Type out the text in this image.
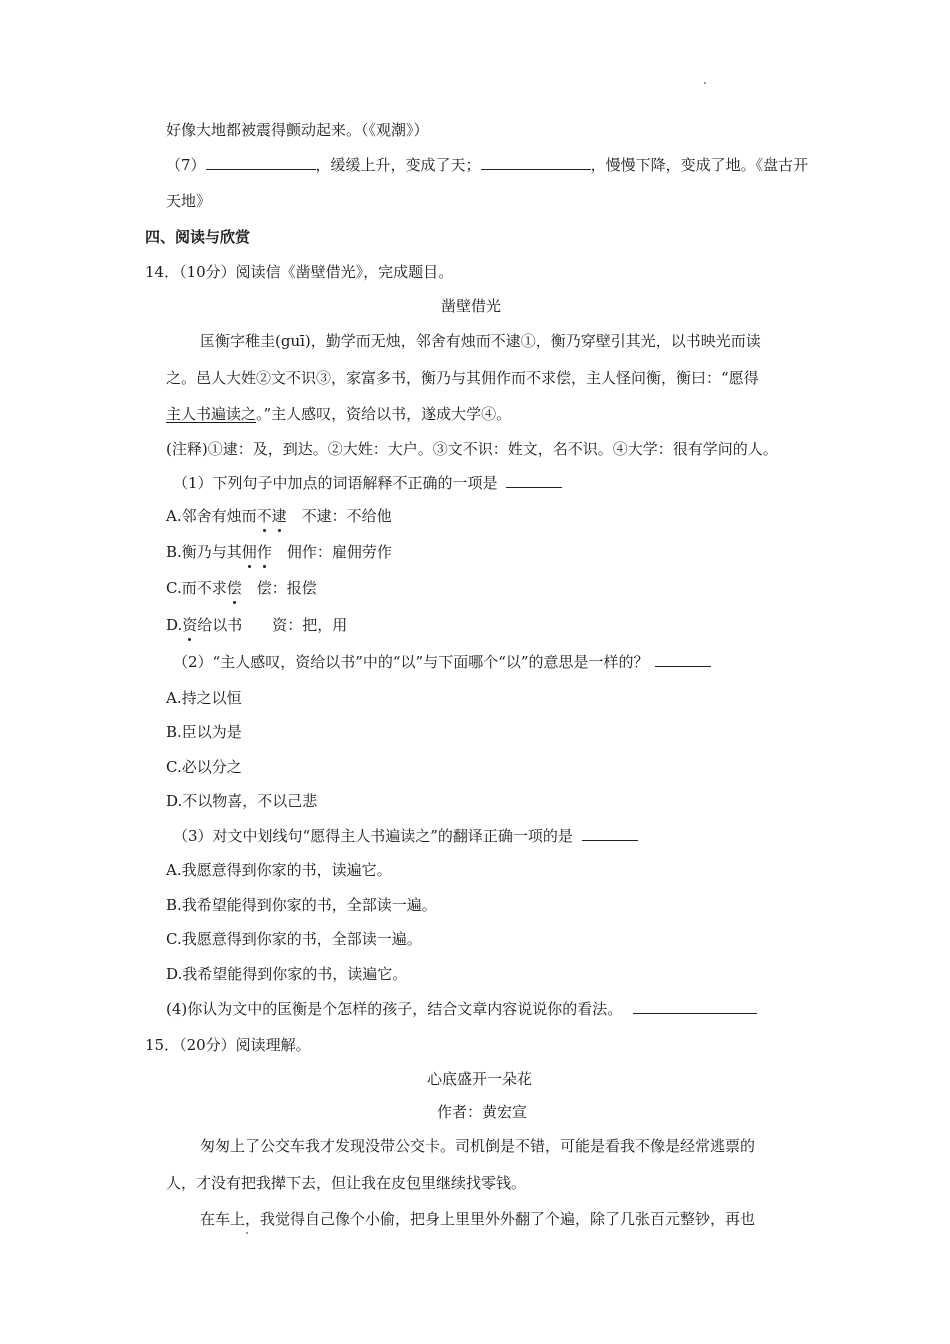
好像大地都被震得颤动起来。（《观潮》）
（7）	，缓缓上升，变成了天；	，慢慢下降，变成了地。《盘古开
天地》
四、阅读与欣赏
14．（10分）阅读信《凿壁借光》，完成题目。
凿壁借光
匡衡字稚圭(guī)，勤学而无烛，邻舍有烛而不逮①，衡乃穿壁引其光，以书映光而读
之。邑人大姓②文不识③，家富多书，衡乃与其佣作而不求偿，主人怪问衡，衡曰：“愿得
主人书遍读之。”主人感叹，资给以书，遂成大学④。
(注释)①逮：及，到达。②大姓：大户。③文不识：姓文，名不识。④大学：很有学问的人。
（1）下列句子中加点的词语解释不正确的一项是
A.邻舍有烛而不逮　不逮：不给他
B.衡乃与其佣作　佣作：雇佣劳作
C.而不求偿　偿：报偿
D.资给以书　　资：把，用
（2）“主人感叹，资给以书”中的“以”与下面哪个“以”的意思是一样的？
A.持之以恒
B.臣以为是
C.必以分之
D.不以物喜，不以己悲
（3）对文中划线句“愿得主人书遍读之”的翻译正确一项的是
A.我愿意得到你家的书，读遍它。
B.我希望能得到你家的书，全部读一遍。
C.我愿意得到你家的书，全部读一遍。
D.我希望能得到你家的书，读遍它。
(4)你认为文中的匡衡是个怎样的孩子，结合文章内容说说你的看法。
15．（20分）阅读理解。
心底盛开一朵花
作者：黄宏宣
匆匆上了公交车我才发现没带公交卡。司机倒是不错，可能是看我不像是经常逃票的
人，才没有把我撵下去，但让我在皮包里继续找零钱。
在车上，我觉得自己像个小偷，把身上里里外外翻了个遍，除了几张百元整钞，再也
